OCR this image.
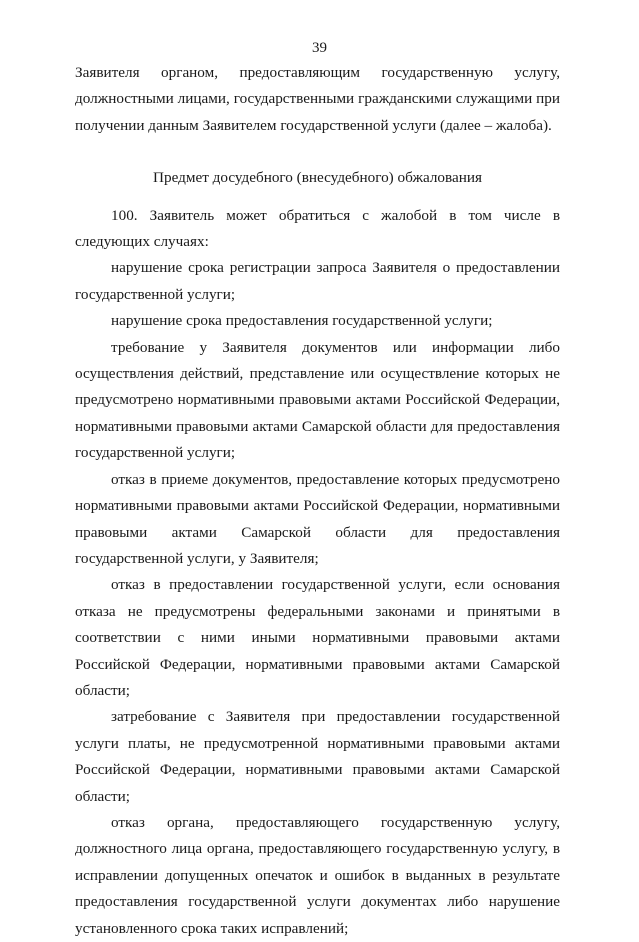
39

Заявителя органом, предоставляющим государственную услугу, должностными лицами, государственными гражданскими служащими при получении данным Заявителем государственной услуги (далее – жалоба).

Предмет досудебного (внесудебного) обжалования

100. Заявитель может обратиться с жалобой в том числе в следующих случаях:

нарушение срока регистрации запроса Заявителя о предоставлении государственной услуги;

нарушение срока предоставления государственной услуги;

требование у Заявителя документов или информации либо осуществления действий, представление или осуществление которых не предусмотрено нормативными правовыми актами Российской Федерации, нормативными правовыми актами Самарской области для предоставления государственной услуги;

отказ в приеме документов, предоставление которых предусмотрено нормативными правовыми актами Российской Федерации, нормативными правовыми актами Самарской области для предоставления государственной услуги, у Заявителя;

отказ в предоставлении государственной услуги, если основания отказа не предусмотрены федеральными законами и принятыми в соответствии с ними иными нормативными правовыми актами Российской Федерации, нормативными правовыми актами Самарской области;

затребование с Заявителя при предоставлении государственной услуги платы, не предусмотренной нормативными правовыми актами Российской Федерации, нормативными правовыми актами Самарской области;

отказ органа, предоставляющего государственную услугу, должностного лица органа, предоставляющего государственную услугу, в исправлении допущенных опечаток и ошибок в выданных в результате предоставления государственной услуги документах либо нарушение установленного срока таких исправлений;
